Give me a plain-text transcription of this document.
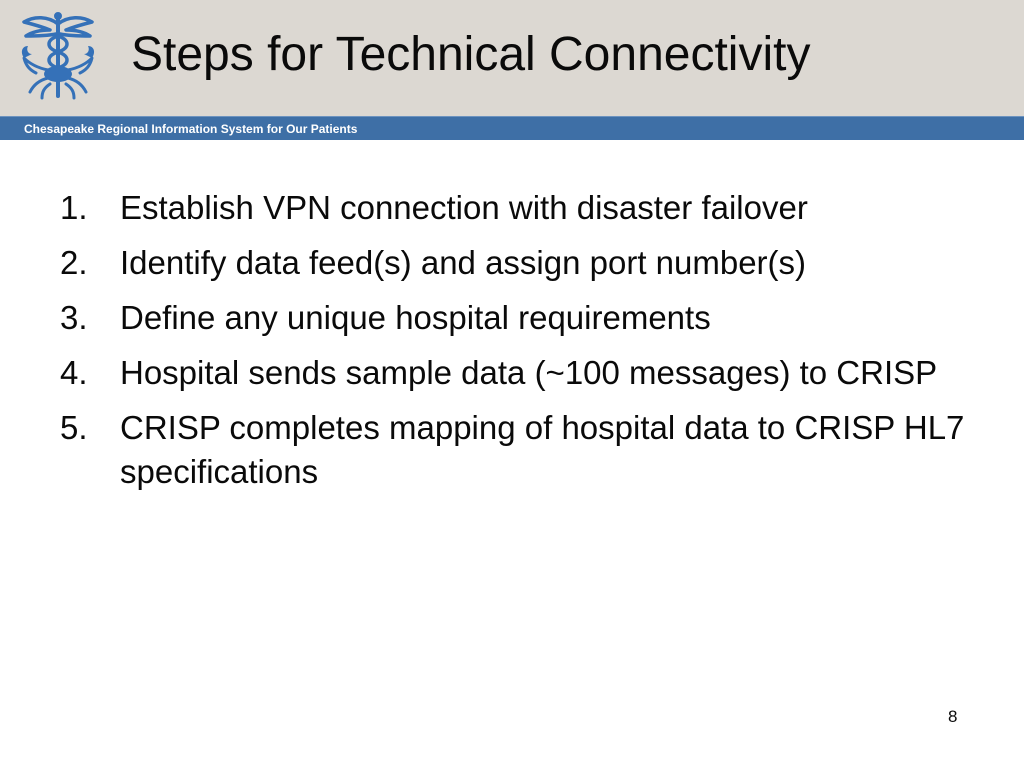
Steps for Technical Connectivity
Chesapeake Regional Information System for Our Patients
1. Establish VPN connection with disaster failover
2. Identify data feed(s) and assign port number(s)
3. Define any unique hospital requirements
4. Hospital sends sample data (~100 messages) to CRISP
5. CRISP completes mapping of hospital data to CRISP HL7 specifications
8
